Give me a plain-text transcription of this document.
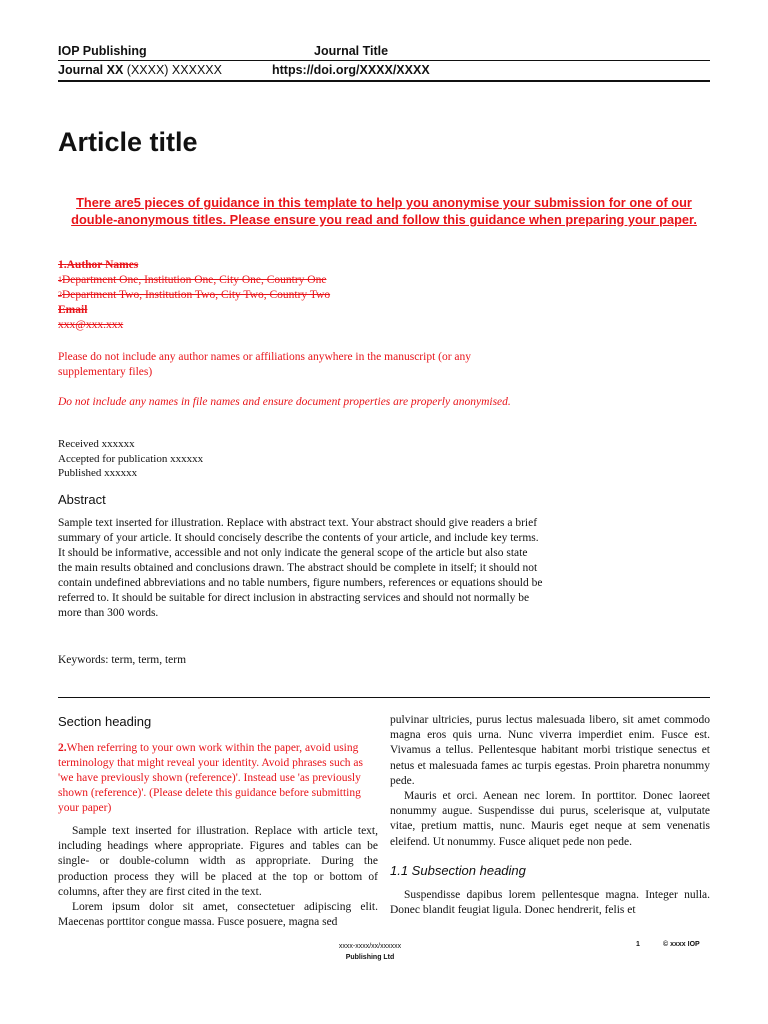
IOP Publishing	Journal Title
Journal XX (XXXX) XXXXXX	https://doi.org/XXXX/XXXX
Article title
There are5 pieces of guidance in this template to help you anonymise your submission for one of our double-anonymous titles. Please ensure you read and follow this guidance when preparing your paper.
1.Author Names
$^1$Department One, Institution One, City One, Country One
$^2$Department Two, Institution Two, City Two, Country Two
Email
xxx@xxx.xxx
Please do not include any author names or affiliations anywhere in the manuscript (or any supplementary files)
Do not include any names in file names and ensure document properties are properly anonymised.
Received xxxxxx
Accepted for publication xxxxxx
Published xxxxxx
Abstract
Sample text inserted for illustration. Replace with abstract text. Your abstract should give readers a brief summary of your article. It should concisely describe the contents of your article, and include key terms. It should be informative, accessible and not only indicate the general scope of the article but also state the main results obtained and conclusions drawn. The abstract should be complete in itself; it should not contain undefined abbreviations and no table numbers, figure numbers, references or equations should be referred to. It should be suitable for direct inclusion in abstracting services and should not normally be more than 300 words.
Keywords: term, term, term
Section heading
2.When referring to your own work within the paper, avoid using terminology that might reveal your identity. Avoid phrases such as 'we have previously shown (reference)'. Instead use 'as previously shown (reference)'. (Please delete this guidance before submitting your paper)

Sample text inserted for illustration. Replace with article text, including headings where appropriate. Figures and tables can be single- or double-column width as appropriate. During the production process they will be placed at the top or bottom of columns, after they are first cited in the text.

Lorem ipsum dolor sit amet, consectetuer adipiscing elit. Maecenas porttitor congue massa. Fusce posuere, magna sed

pulvinar ultricies, purus lectus malesuada libero, sit amet commodo magna eros quis urna. Nunc viverra imperdiet enim. Fusce est. Vivamus a tellus. Pellentesque habitant morbi tristique senectus et netus et malesuada fames ac turpis egestas. Proin pharetra nonummy pede.

Mauris et orci. Aenean nec lorem. In porttitor. Donec laoreet nonummy augue. Suspendisse dui purus, scelerisque at, vulputate vitae, pretium mattis, nunc. Mauris eget neque at sem venenatis eleifend. Ut nonummy. Fusce aliquet pede non pede.

1.1 Subsection heading

Suspendisse dapibus lorem pellentesque magna. Integer nulla. Donec blandit feugiat ligula. Donec hendrerit, felis et

xxxx-xxxx/xx/xxxxxx
Publishing Ltd
1	© xxxx IOP
